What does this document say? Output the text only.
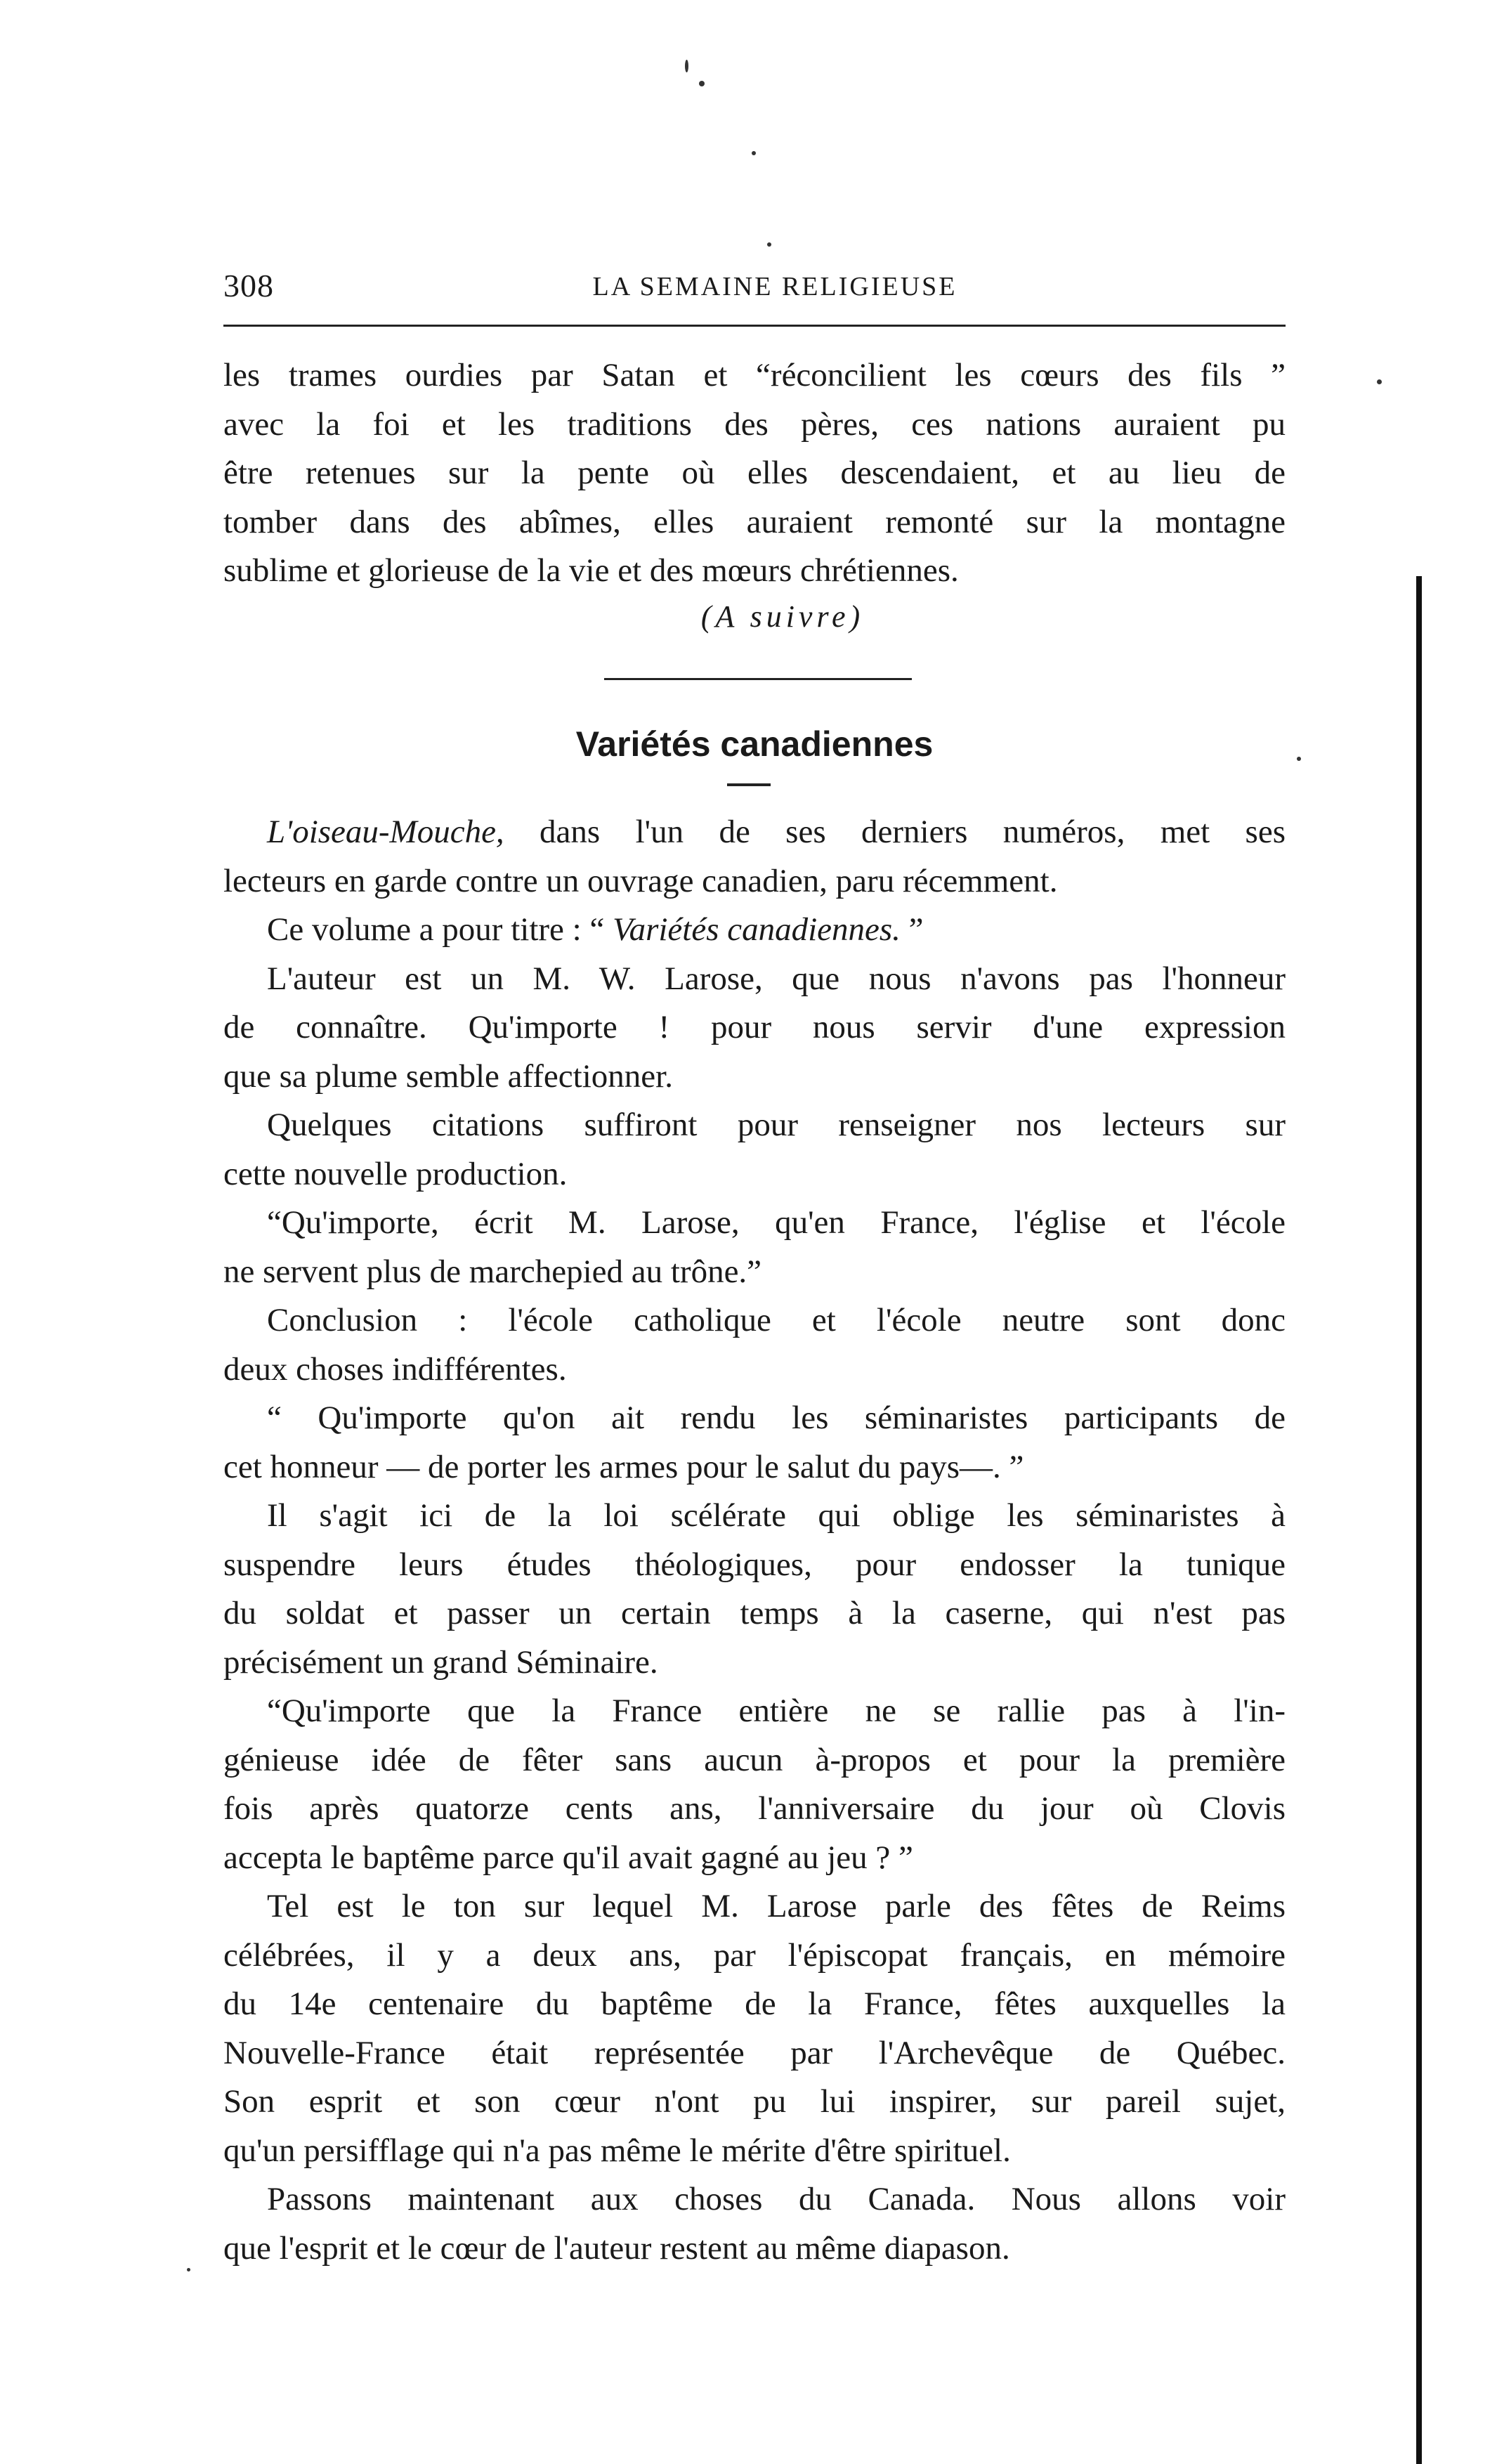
308	LA SEMAINE RELIGIEUSE
les trames ourdies par Satan et “réconcilient les cœurs des fils ”
avec la foi et les traditions des pères, ces nations auraient pu
être retenues sur la pente où elles descendaient, et au lieu de
tomber dans des abîmes, elles auraient remonté sur la montagne
sublime et glorieuse de la vie et des mœurs chrétiennes.
(A suivre)
Variétés canadiennes
L'oiseau-Mouche, dans l'un de ses derniers numéros, met ses
lecteurs en garde contre un ouvrage canadien, paru récemment.
Ce volume a pour titre : “ Variétés canadiennes. ”
L'auteur est un M. W. Larose, que nous n'avons pas l'honneur
de connaître. Qu'importe ! pour nous servir d'une expression
que sa plume semble affectionner.
Quelques citations suffiront pour renseigner nos lecteurs sur
cette nouvelle production.
“Qu'importe, écrit M. Larose, qu'en France, l'église et l'école
ne servent plus de marchepied au trône.”
Conclusion : l'école catholique et l'école neutre sont donc
deux choses indifférentes.
“ Qu'importe qu'on ait rendu les séminaristes participants de
cet honneur — de porter les armes pour le salut du pays—. ”
Il s'agit ici de la loi scélérate qui oblige les séminaristes à
suspendre leurs études théologiques, pour endosser la tunique
du soldat et passer un certain temps à la caserne, qui n'est pas
précisément un grand Séminaire.
“Qu'importe que la France entière ne se rallie pas à l'in-
génieuse idée de fêter sans aucun à-propos et pour la première
fois après quatorze cents ans, l'anniversaire du jour où Clovis
accepta le baptême parce qu'il avait gagné au jeu ? ”
Tel est le ton sur lequel M. Larose parle des fêtes de Reims
célébrées, il y a deux ans, par l'épiscopat français, en mémoire
du 14e centenaire du baptême de la France, fêtes auxquelles la
Nouvelle-France était représentée par l'Archevêque de Québec.
Son esprit et son cœur n'ont pu lui inspirer, sur pareil sujet,
qu'un persifflage qui n'a pas même le mérite d'être spirituel.
Passons maintenant aux choses du Canada. Nous allons voir
que l'esprit et le cœur de l'auteur restent au même diapason.
